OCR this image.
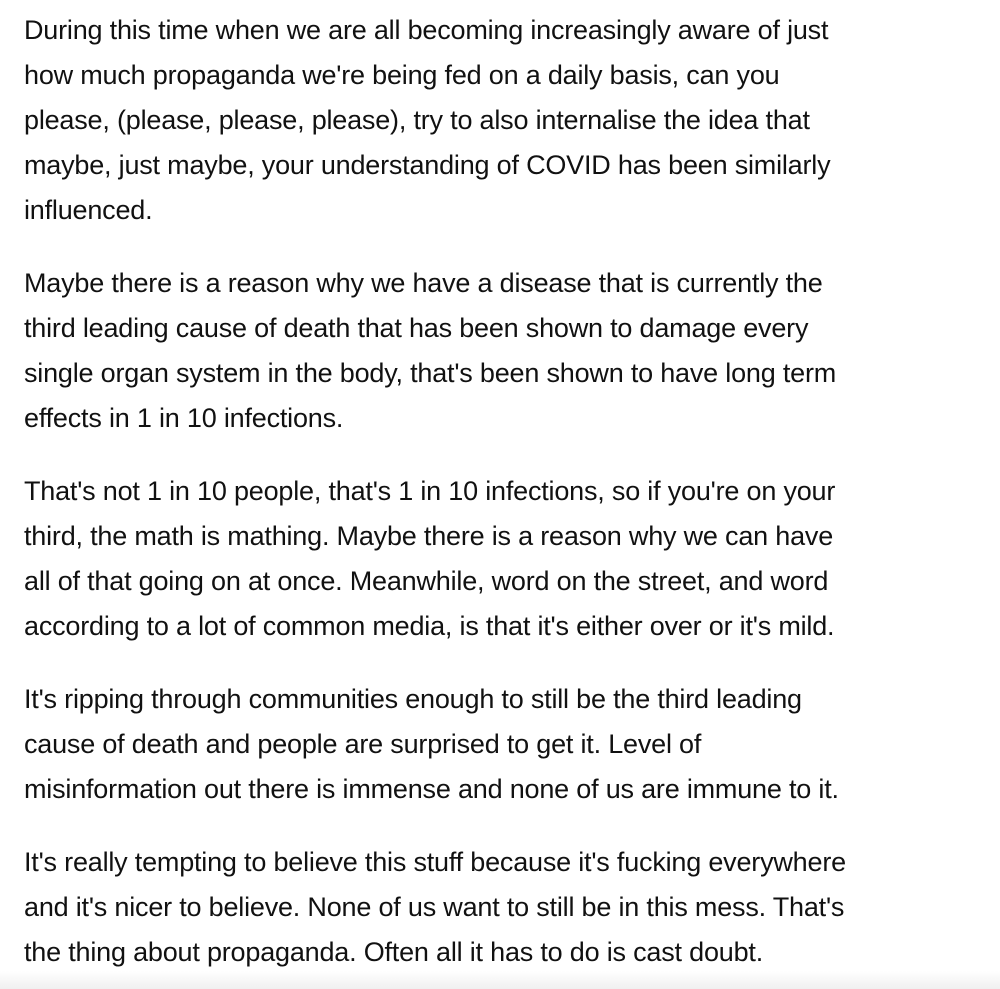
During this time when we are all becoming increasingly aware of just
how much propaganda we're being fed on a daily basis, can you
please, (please, please, please), try to also internalise the idea that
maybe, just maybe, your understanding of COVID has been similarly
influenced.

Maybe there is a reason why we have a disease that is currently the
third leading cause of death that has been shown to damage every
single organ system in the body, that's been shown to have long term
effects in 1 in 10 infections.

That's not 1 in 10 people, that's 1 in 10 infections, so if you're on your
third, the math is mathing. Maybe there is a reason why we can have
all of that going on at once. Meanwhile, word on the street, and word
according to a lot of common media, is that it's either over or it's mild.

It's ripping through communities enough to still be the third leading
cause of death and people are surprised to get it. Level of
misinformation out there is immense and none of us are immune to it.

It's really tempting to believe this stuff because it's fucking everywhere
and it's nicer to believe. None of us want to still be in this mess. That's
the thing about propaganda. Often all it has to do is cast doubt.
